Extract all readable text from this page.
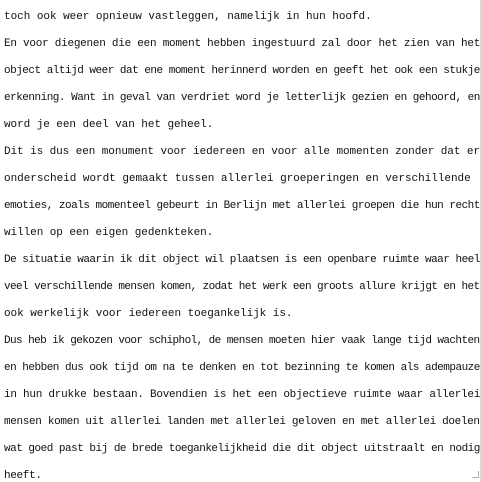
toch ook weer opnieuw vastleggen, namelijk in hun hoofd.
En voor diegenen die een moment hebben ingestuurd zal door het zien van het
object altijd weer dat ene moment herinnerd worden en geeft het ook een stukje
erkenning. Want in geval van verdriet word je letterlijk gezien en gehoord, en
word je een deel van het geheel.
Dit is dus een monument voor iedereen en voor alle momenten zonder dat er
onderscheid wordt gemaakt tussen allerlei groeperingen en verschillende
emoties, zoals momenteel gebeurt in Berlijn met allerlei groepen die hun recht
willen op een eigen gedenkteken.
De situatie waarin ik dit object wil plaatsen is een openbare ruimte waar heel
veel verschillende mensen komen, zodat het werk een groots allure krijgt en het
ook werkelijk voor iedereen toegankelijk is.
Dus heb ik gekozen voor schiphol, de mensen moeten hier vaak lange tijd wachten
en hebben dus ook tijd om na te denken en tot bezinning te komen als adempauze
in hun drukke bestaan. Bovendien is het een objectieve ruimte waar allerlei
mensen komen uit allerlei landen met allerlei geloven en met allerlei doelen
wat goed past bij de brede toegankelijkheid die dit object uitstraalt en nodig
heeft.
